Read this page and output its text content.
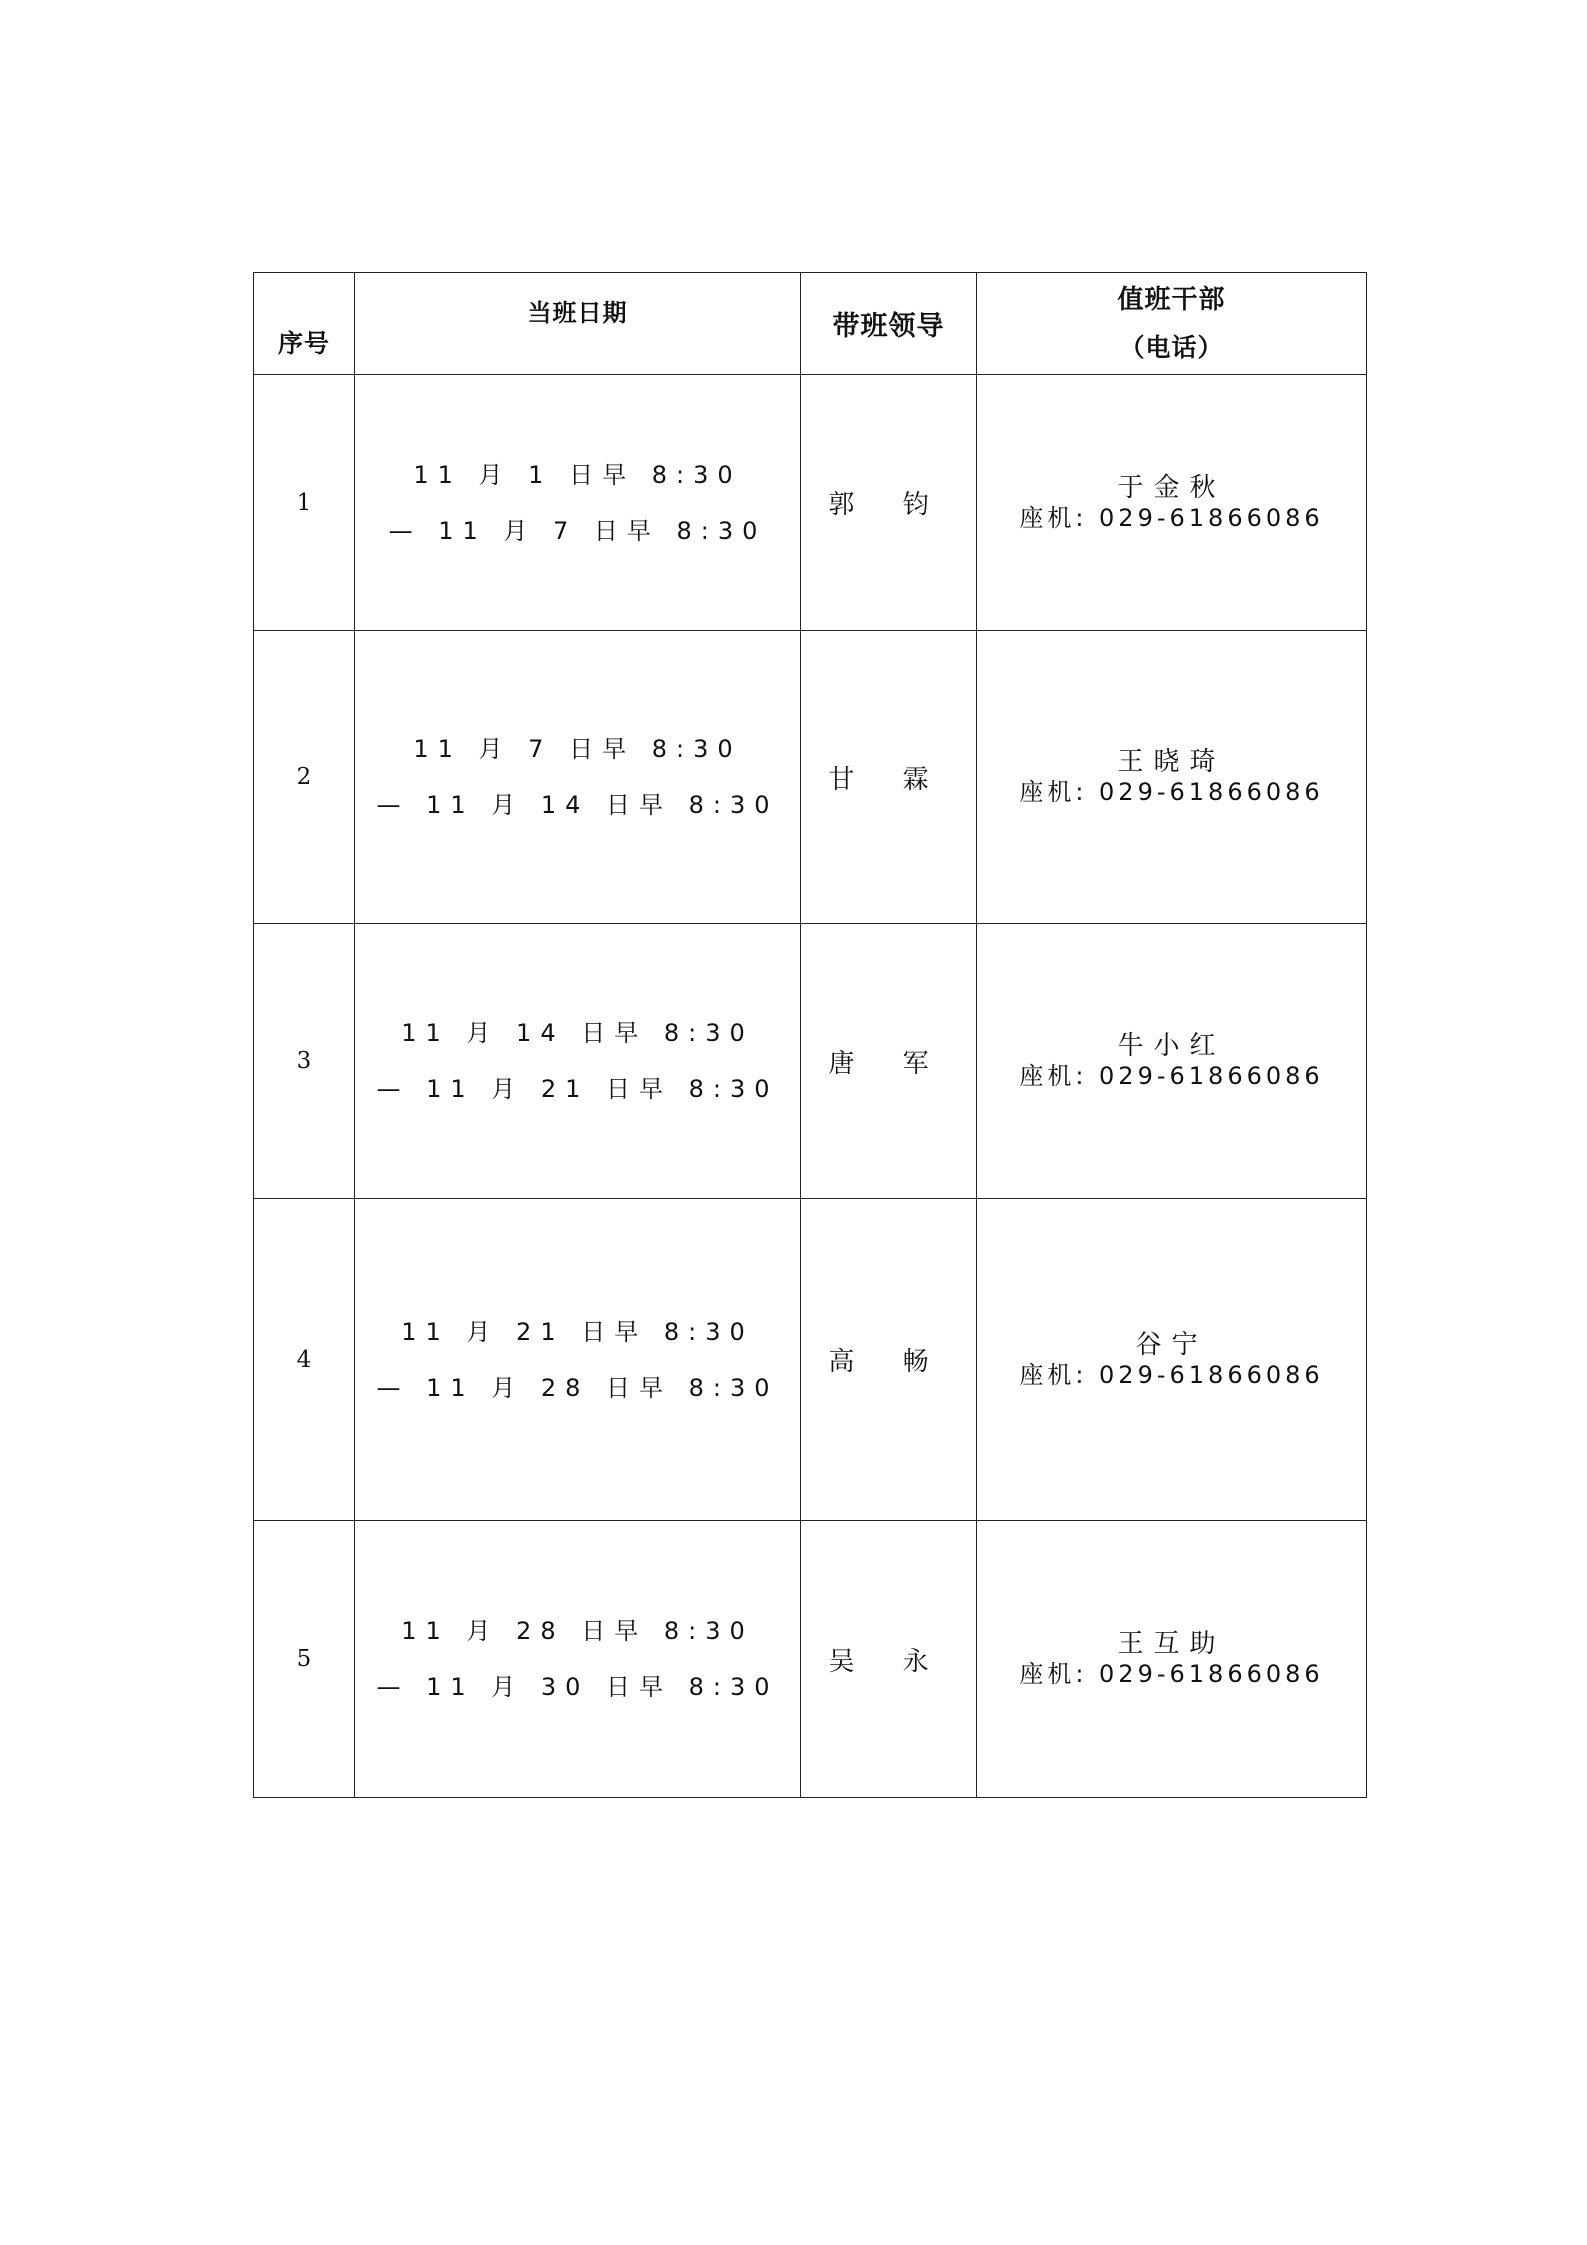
序号	当班日期	带班领导	值班干部
（电话）

1	11 月 1 日早 8:30
— 11 月 7 日早 8:30	郭 钧	于金秋
座机: 029-61866086

2	11 月 7 日早 8:30
— 11 月 14 日早 8:30	甘 霖	王晓琦
座机: 029-61866086

3	11 月 14 日早 8:30
— 11 月 21 日早 8:30	唐 军	牛小红
座机: 029-61866086

4	11 月 21 日早 8:30
— 11 月 28 日早 8:30	高 畅	谷宁
座机: 029-61866086

5	11 月 28 日早 8:30
— 11 月 30 日早 8:30	吴 永	王互助
座机: 029-61866086
